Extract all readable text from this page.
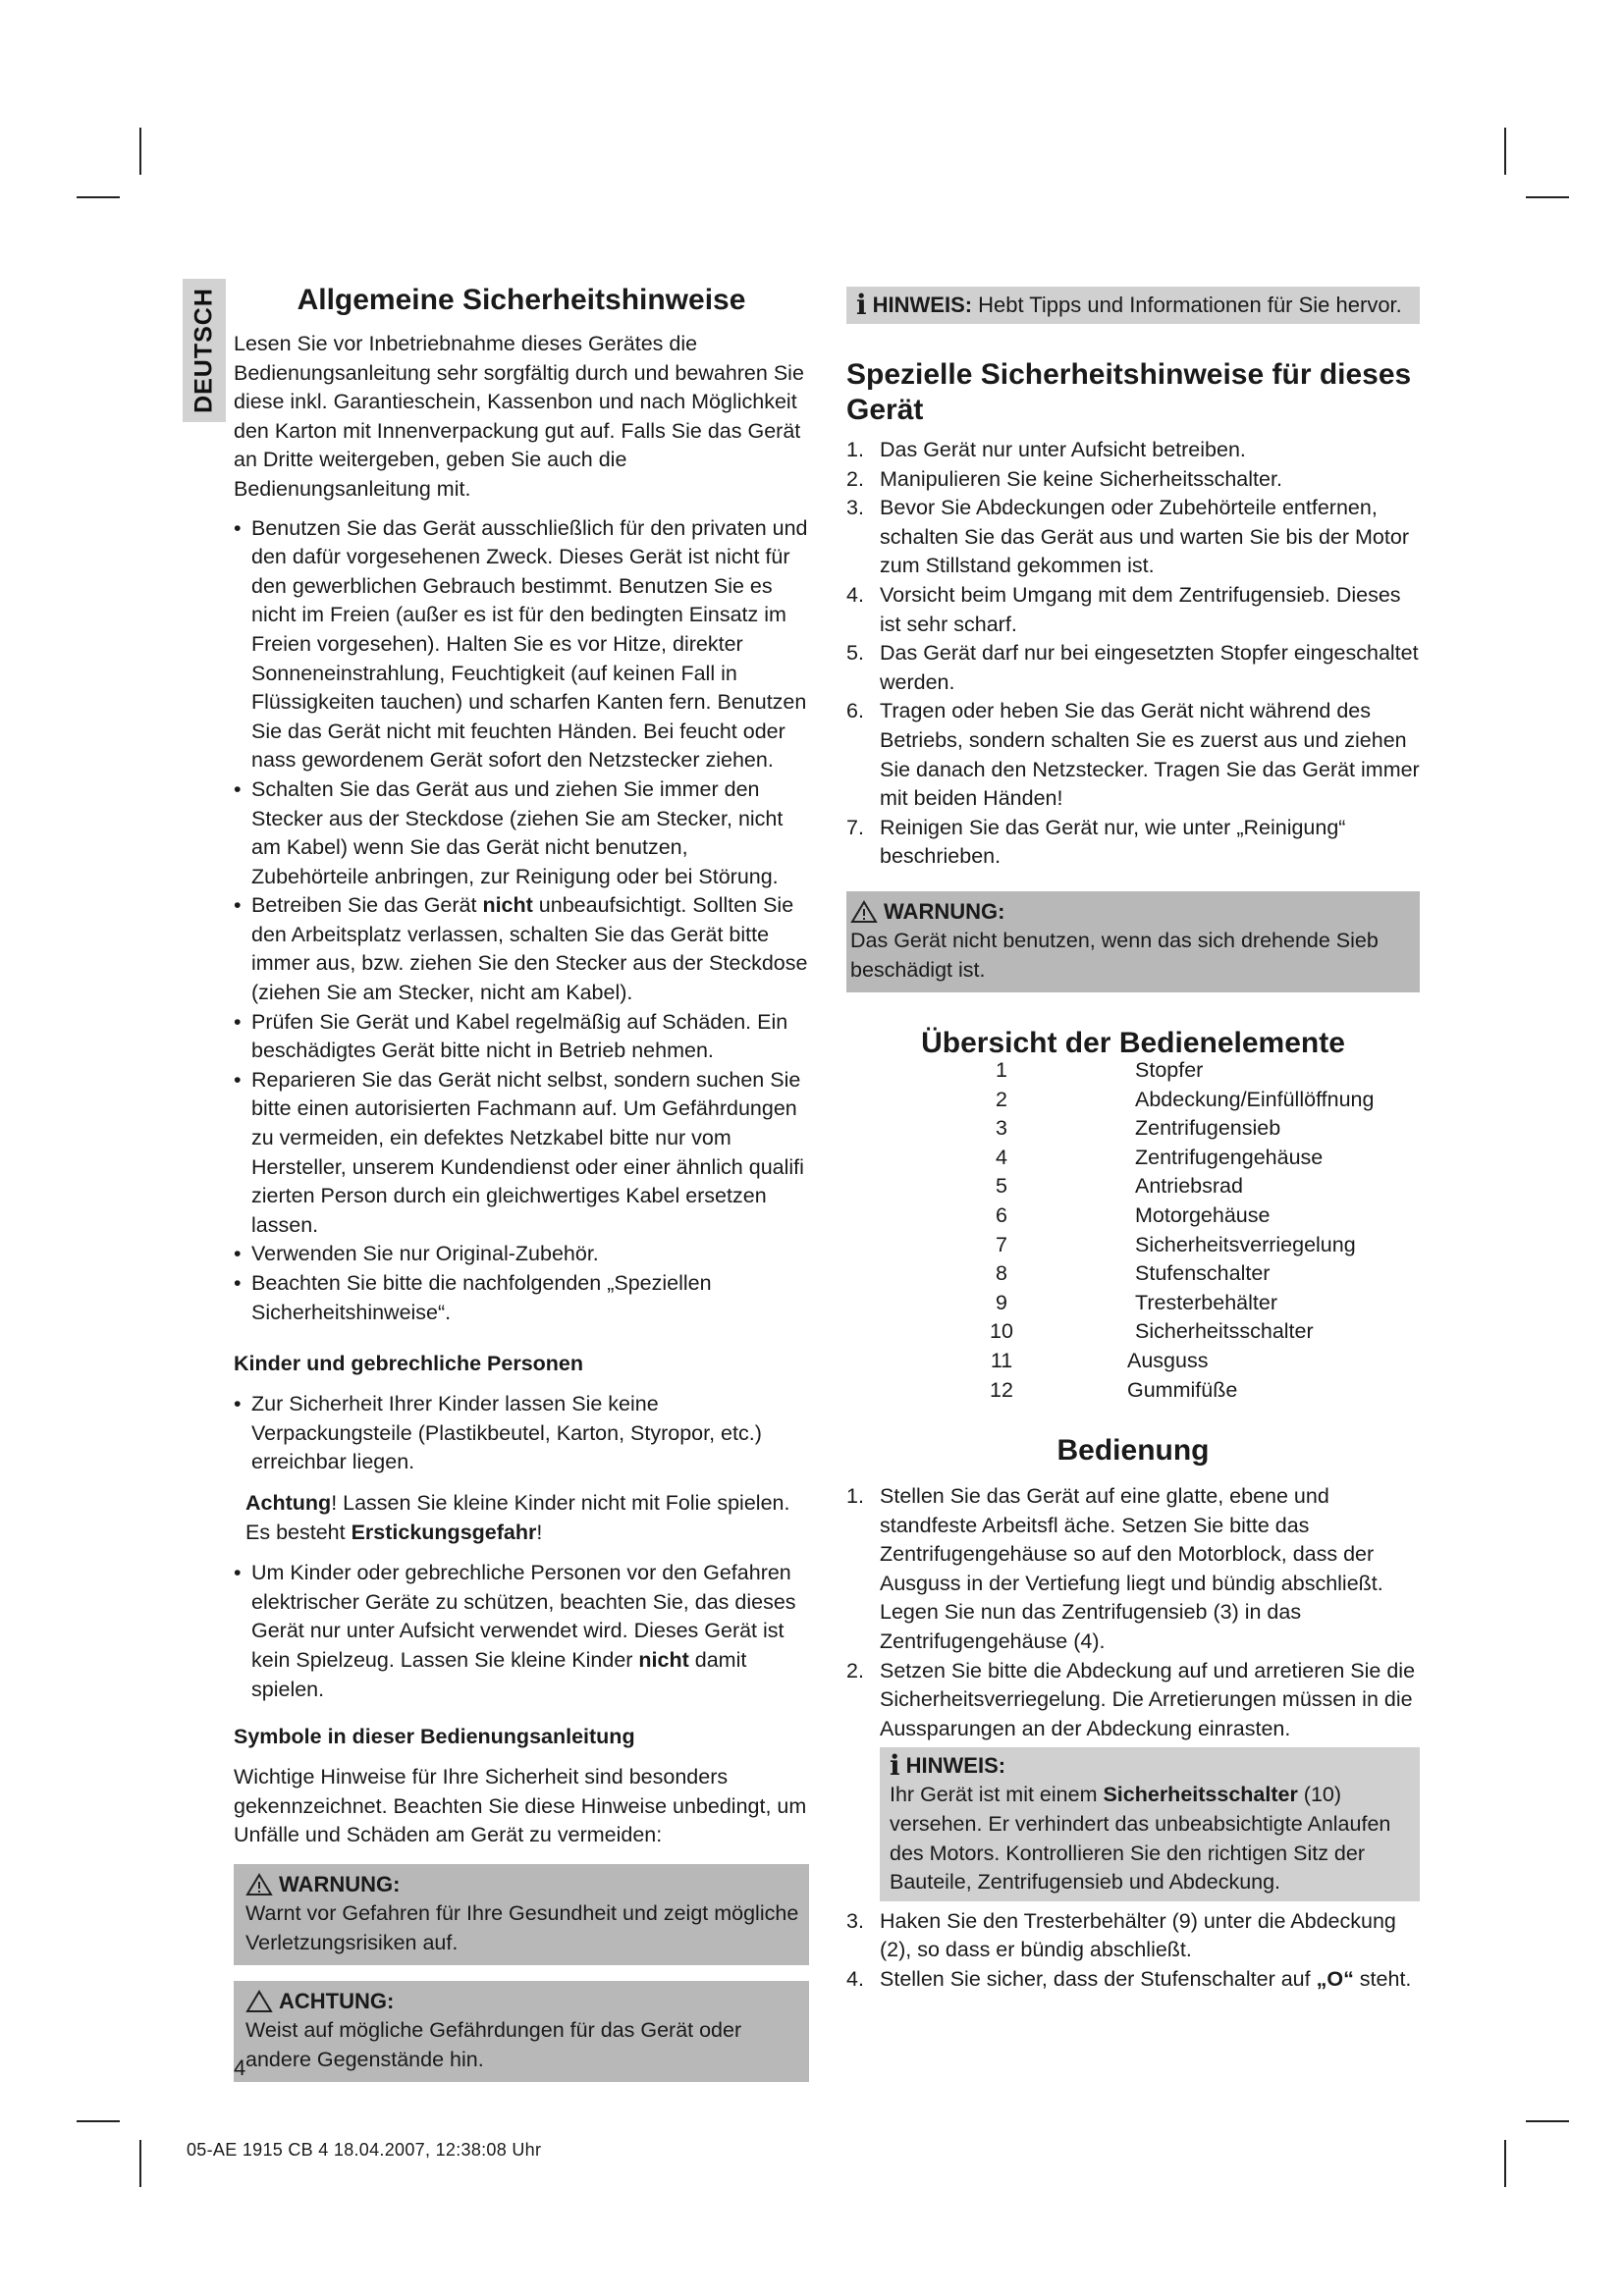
DEUTSCH	Allgemeine Sicherheitshinweise

Lesen Sie vor Inbetriebnahme dieses Gerätes die Bedienungsanleitung sehr sorgfältig durch und bewahren Sie diese inkl. Garantieschein, Kassenbon und nach Möglichkeit den Karton mit Innenverpackung gut auf. Falls Sie das Gerät an Dritte weitergeben, geben Sie auch die Bedienungsanleitung mit.

• Benutzen Sie das Gerät ausschließlich für den privaten und den dafür vorgesehenen Zweck. Dieses Gerät ist nicht für den gewerblichen Gebrauch bestimmt. Benutzen Sie es nicht im Freien (außer es ist für den bedingten Einsatz im Freien vorgesehen). Halten Sie es vor Hitze, direkter Sonneneinstrahlung, Feuchtigkeit (auf keinen Fall in Flüssigkeiten tauchen) und scharfen Kanten fern. Benutzen Sie das Gerät nicht mit feuchten Händen. Bei feucht oder nass gewordenem Gerät sofort den Netzstecker ziehen.
• Schalten Sie das Gerät aus und ziehen Sie immer den Stecker aus der Steckdose (ziehen Sie am Stecker, nicht am Kabel) wenn Sie das Gerät nicht benutzen, Zubehörteile anbringen, zur Reinigung oder bei Störung.
• Betreiben Sie das Gerät nicht unbeaufsichtigt. Sollten Sie den Arbeitsplatz verlassen, schalten Sie das Gerät bitte immer aus, bzw. ziehen Sie den Stecker aus der Steckdose (ziehen Sie am Stecker, nicht am Kabel).
• Prüfen Sie Gerät und Kabel regelmäßig auf Schäden. Ein beschädigtes Gerät bitte nicht in Betrieb nehmen.
• Reparieren Sie das Gerät nicht selbst, sondern suchen Sie bitte einen autorisierten Fachmann auf. Um Gefährdungen zu vermeiden, ein defektes Netzkabel bitte nur vom Hersteller, unserem Kundendienst oder einer ähnlich qualifi zierten Person durch ein gleichwertiges Kabel ersetzen lassen.
• Verwenden Sie nur Original-Zubehör.
• Beachten Sie bitte die nachfolgenden „Speziellen Sicherheitshinweise“.

Kinder und gebrechliche Personen

• Zur Sicherheit Ihrer Kinder lassen Sie keine Verpackungsteile (Plastikbeutel, Karton, Styropor, etc.) erreichbar liegen.

Achtung! Lassen Sie kleine Kinder nicht mit Folie spielen. Es besteht Erstickungsgefahr!

• Um Kinder oder gebrechliche Personen vor den Gefahren elektrischer Geräte zu schützen, beachten Sie, das dieses Gerät nur unter Aufsicht verwendet wird. Dieses Gerät ist kein Spielzeug. Lassen Sie kleine Kinder nicht damit spielen.

Symbole in dieser Bedienungsanleitung

Wichtige Hinweise für Ihre Sicherheit sind besonders gekennzeichnet. Beachten Sie diese Hinweise unbedingt, um Unfälle und Schäden am Gerät zu vermeiden:

WARNUNG:

Warnt vor Gefahren für Ihre Gesundheit und zeigt mögliche Verletzungsrisiken auf.

ACHTUNG:

Weist auf mögliche Gefährdungen für das Gerät oder andere Gegenstände hin.

i HINWEIS: Hebt Tipps und Informationen für Sie hervor.

Spezielle Sicherheitshinweise für dieses Gerät

1. Das Gerät nur unter Aufsicht betreiben.
2. Manipulieren Sie keine Sicherheitsschalter.
3. Bevor Sie Abdeckungen oder Zubehörteile entfernen, schalten Sie das Gerät aus und warten Sie bis der Motor zum Stillstand gekommen ist.
4. Vorsicht beim Umgang mit dem Zentrifugensieb. Dieses ist sehr scharf.
5. Das Gerät darf nur bei eingesetzten Stopfer eingeschaltet werden.
6. Tragen oder heben Sie das Gerät nicht während des Betriebs, sondern schalten Sie es zuerst aus und ziehen Sie danach den Netzstecker. Tragen Sie das Gerät immer mit beiden Händen!
7. Reinigen Sie das Gerät nur, wie unter „Reinigung“ beschrieben.
WARNUNG:

Das Gerät nicht benutzen, wenn das sich drehende Sieb beschädigt ist.

Übersicht der Bedienelemente

1	Stopfer
2	Abdeckung/Einfüllöffnung
3	Zentrifugensieb
4	Zentrifugengehäuse
5	Antriebsrad
6	Motorgehäuse
7	Sicherheitsverriegelung
8	Stufenschalter
9	Tresterbehälter
10	Sicherheitsschalter
11	Ausguss
12	Gummifüße

Bedienung

1. Stellen Sie das Gerät auf eine glatte, ebene und standfeste Arbeitsfl äche. Setzen Sie bitte das Zentrifugengehäuse so auf den Motorblock, dass der Ausguss in der Vertiefung liegt und bündig abschließt. Legen Sie nun das Zentrifugensieb (3) in das Zentrifugengehäuse (4).
2. Setzen Sie bitte die Abdeckung auf und arretieren Sie die Sicherheitsverriegelung. Die Arretierungen müssen in die Aussparungen an der Abdeckung einrasten.
i HINWEIS:

Ihr Gerät ist mit einem Sicherheitsschalter (10) versehen. Er verhindert das unbeabsichtigte Anlaufen des Motors. Kontrollieren Sie den richtigen Sitz der Bauteile, Zentrifugensieb und Abdeckung.

3. Haken Sie den Tresterbehälter (9) unter die Abdeckung (2), so dass er bündig abschließt.
4. Stellen Sie sicher, dass der Stufenschalter auf „O“ steht.
4
05-AE 1915 CB 4 18.04.2007, 12:38:08 Uhr
